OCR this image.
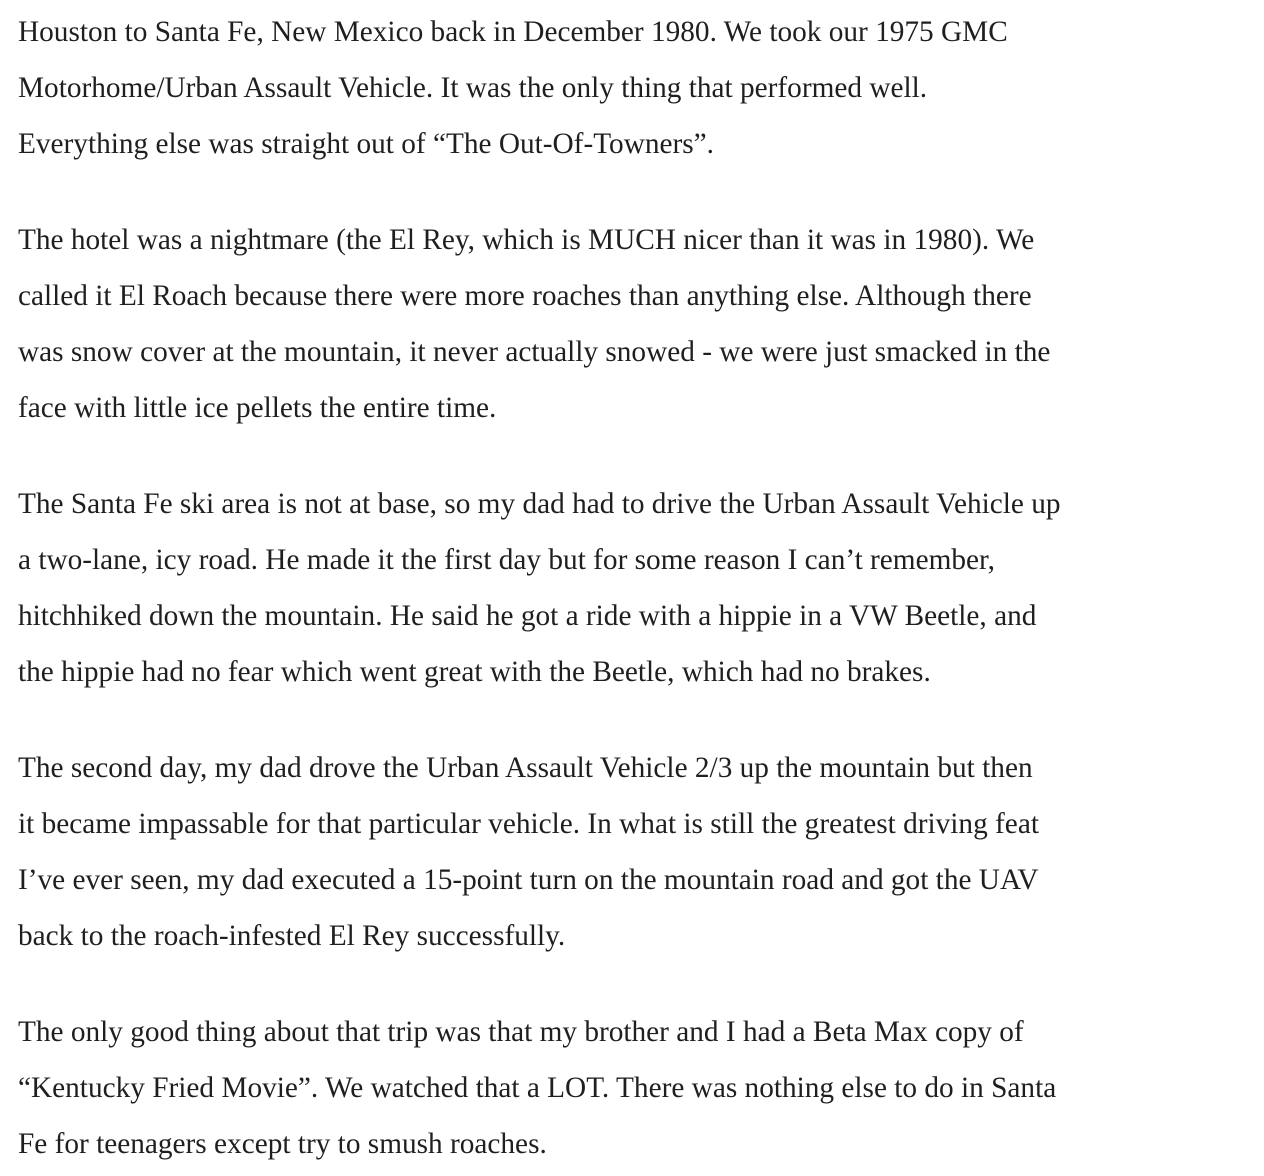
Houston to Santa Fe, New Mexico back in December 1980. We took our 1975 GMC
Motorhome/Urban Assault Vehicle. It was the only thing that performed well.
Everything else was straight out of “The Out-Of-Towners”.

The hotel was a nightmare (the El Rey, which is MUCH nicer than it was in 1980). We
called it El Roach because there were more roaches than anything else. Although there
was snow cover at the mountain, it never actually snowed - we were just smacked in the
face with little ice pellets the entire time.

The Santa Fe ski area is not at base, so my dad had to drive the Urban Assault Vehicle up
a two-lane, icy road. He made it the first day but for some reason I can’t remember,
hitchhiked down the mountain. He said he got a ride with a hippie in a VW Beetle, and
the hippie had no fear which went great with the Beetle, which had no brakes.

The second day, my dad drove the Urban Assault Vehicle 2/3 up the mountain but then
it became impassable for that particular vehicle. In what is still the greatest driving feat
I’ve ever seen, my dad executed a 15-point turn on the mountain road and got the UAV
back to the roach-infested El Rey successfully.

The only good thing about that trip was that my brother and I had a Beta Max copy of
“Kentucky Fried Movie”. We watched that a LOT. There was nothing else to do in Santa
Fe for teenagers except try to smush roaches.
